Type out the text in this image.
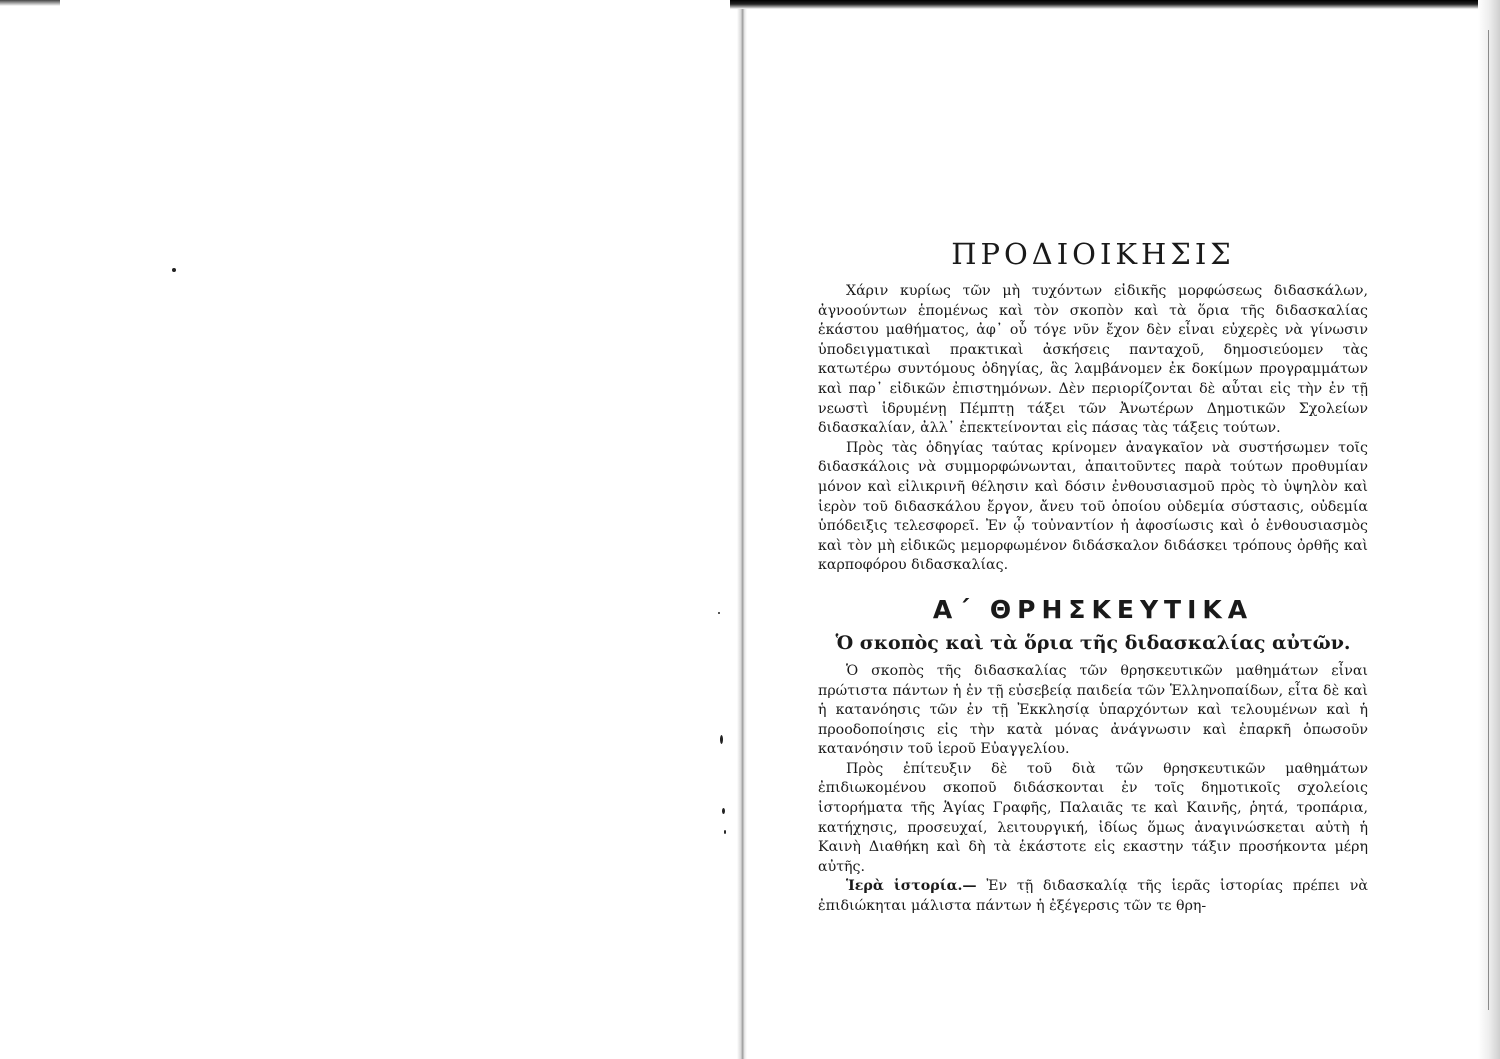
ΠΡΟΔΙΟΙΚΗΣΙΣ

Χάριν κυρίως τῶν μὴ τυχόντων εἰδικῆς μορφώσεως διδασκάλων, ἀγνοούντων ἑπομένως καὶ τὸν σκοπὸν καὶ τὰ ὅρια τῆς διδασκαλίας ἑκάστου μαθήματος, ἀφ᾽ οὗ τόγε νῦν ἔχον δὲν εἶναι εὐχερὲς νὰ γίνωσιν ὑποδειγματικαὶ πρακτικαὶ ἀσκήσεις πανταχοῦ, δημοσιεύομεν τὰς κατωτέρω συντόμους ὁδηγίας, ἃς λαμβάνομεν ἐκ δοκίμων προγραμμάτων καὶ παρ᾽ εἰδικῶν ἐπιστημόνων. Δὲν περιορίζονται δὲ αὗται εἰς τὴν ἐν τῇ νεωστὶ ἱδρυμένῃ Πέμπτῃ τάξει τῶν Ἀνωτέρων Δημοτικῶν Σχολείων διδασκαλίαν, ἀλλ᾽ ἐπεκτείνονται εἰς πάσας τὰς τάξεις τούτων.

Πρὸς τὰς ὁδηγίας ταύτας κρίνομεν ἀναγκαῖον νὰ συστήσωμεν τοῖς διδασκάλοις νὰ συμμορφώνωνται, ἀπαιτοῦντες παρὰ τούτων προθυμίαν μόνον καὶ εἰλικρινῆ θέλησιν καὶ δόσιν ἐνθουσιασμοῦ πρὸς τὸ ὑψηλὸν καὶ ἱερὸν τοῦ διδασκάλου ἔργον, ἄνευ τοῦ ὁποίου οὐδεμία σύστασις, οὐδεμία ὑπόδειξις τελεσφορεῖ. Ἐν ᾧ τοὐναντίον ἡ ἀφοσίωσις καὶ ὁ ἐνθουσιασμὸς καὶ τὸν μὴ εἰδικῶς μεμορφωμένον διδάσκαλον διδάσκει τρόπους ὀρθῆς καὶ καρποφόρου διδασκαλίας.

Α΄ ΘΡΗΣΚΕΥΤΙΚΑ
Ὁ σκοπὸς καὶ τὰ ὅρια τῆς διδασκαλίας αὐτῶν.

Ὁ σκοπὸς τῆς διδασκαλίας τῶν θρησκευτικῶν μαθημάτων εἶναι πρώτιστα πάντων ἡ ἐν τῇ εὐσεβείᾳ παιδεία τῶν Ἑλληνοπαίδων, εἶτα δὲ καὶ ἡ κατανόησις τῶν ἐν τῇ Ἐκκλησίᾳ ὑπαρχόντων καὶ τελουμένων καὶ ἡ προοδοποίησις εἰς τὴν κατὰ μόνας ἀνάγνωσιν καὶ ἐπαρκῆ ὁπωσοῦν κατανόησιν τοῦ ἱεροῦ Εὐαγγελίου.

Πρὸς ἐπίτευξιν δὲ τοῦ διὰ τῶν θρησκευτικῶν μαθημάτων ἐπιδιωκομένου σκοποῦ διδάσκονται ἐν τοῖς δημοτικοῖς σχολείοις ἱστορήματα τῆς Ἁγίας Γραφῆς, Παλαιᾶς τε καὶ Καινῆς, ῥητά, τροπάρια, κατήχησις, προσευχαί, λειτουργική, ἰδίως ὅμως ἀναγινώσκεται αὐτὴ ἡ Καινὴ Διαθήκη καὶ δὴ τὰ ἑκάστοτε εἰς εκαστην τάξιν προσήκοντα μέρη αὐτῆς.

Ἱερὰ ἱστορία.— Ἐν τῇ διδασκαλίᾳ τῆς ἱερᾶς ἱστορίας πρέπει νὰ ἐπιδιώκηται μάλιστα πάντων ἡ ἐξέγερσις τῶν τε θρη-
